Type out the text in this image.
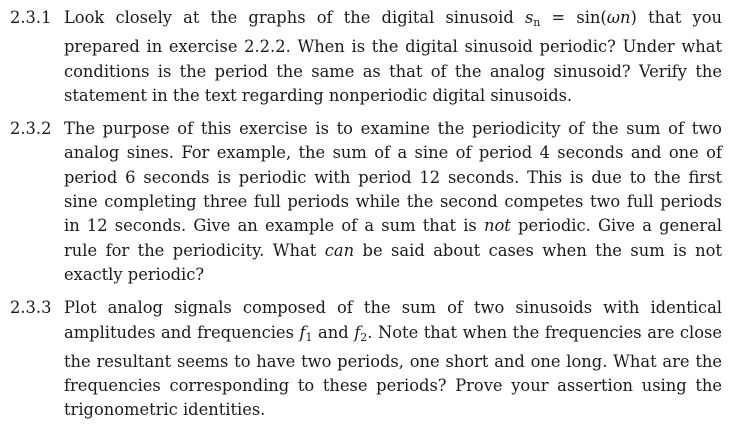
2.3.1 Look closely at the graphs of the digital sinusoid $s_n = \sin(\omega n)$ that you prepared in exercise 2.2.2. When is the digital sinusoid periodic? Under what conditions is the period the same as that of the analog sinusoid? Verify the statement in the text regarding nonperiodic digital sinusoids.
2.3.2 The purpose of this exercise is to examine the periodicity of the sum of two analog sines. For example, the sum of a sine of period 4 seconds and one of period 6 seconds is periodic with period 12 seconds. This is due to the first sine completing three full periods while the second competes two full periods in 12 seconds. Give an example of a sum that is not periodic. Give a general rule for the periodicity. What can be said about cases when the sum is not exactly periodic?
2.3.3 Plot analog signals composed of the sum of two sinusoids with identical amplitudes and frequencies $f_1$ and $f_2$. Note that when the frequencies are close the resultant seems to have two periods, one short and one long. What are the frequencies corresponding to these periods? Prove your assertion using the trigonometric identities.
